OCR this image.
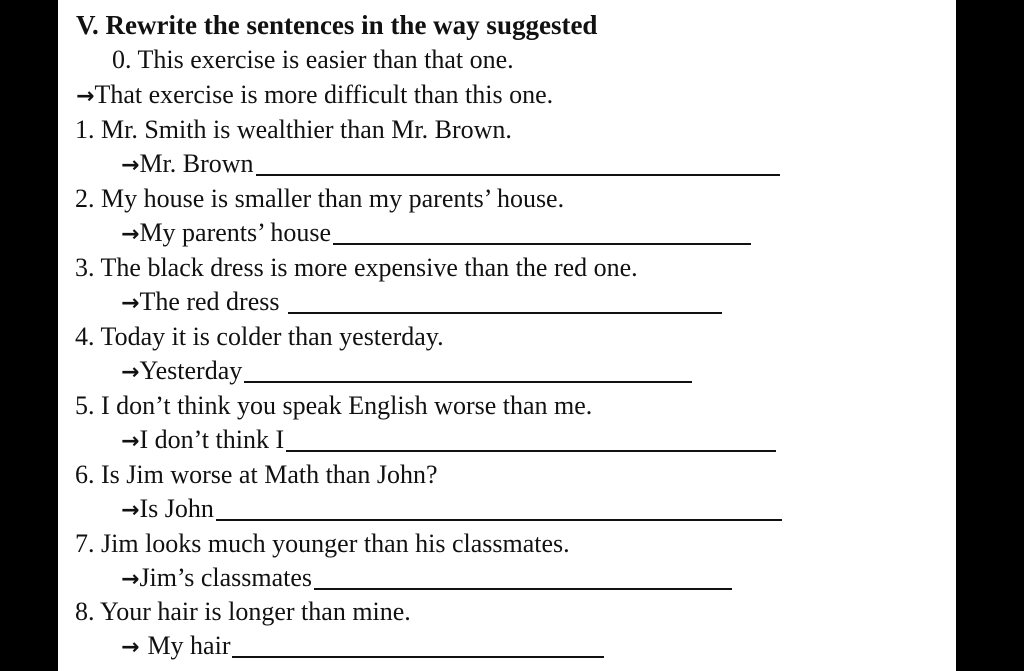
V. Rewrite the sentences in the way suggested
0. This exercise is easier than that one.
→That exercise is more difficult than this one.
1. Mr. Smith is wealthier than Mr. Brown.
→ Mr. Brown
2. My house is smaller than my parents’ house.
→ My parents’ house
3. The black dress is more expensive than the red one.
→ The red dress
4. Today it is colder than yesterday.
→ Yesterday
5. I don’t think you speak English worse than me.
→ I don’t think I
6. Is Jim worse at Math than John?
→ Is John
7. Jim looks much younger than his classmates.
→ Jim’s classmates
8. Your hair is longer than mine.
→ My hair
